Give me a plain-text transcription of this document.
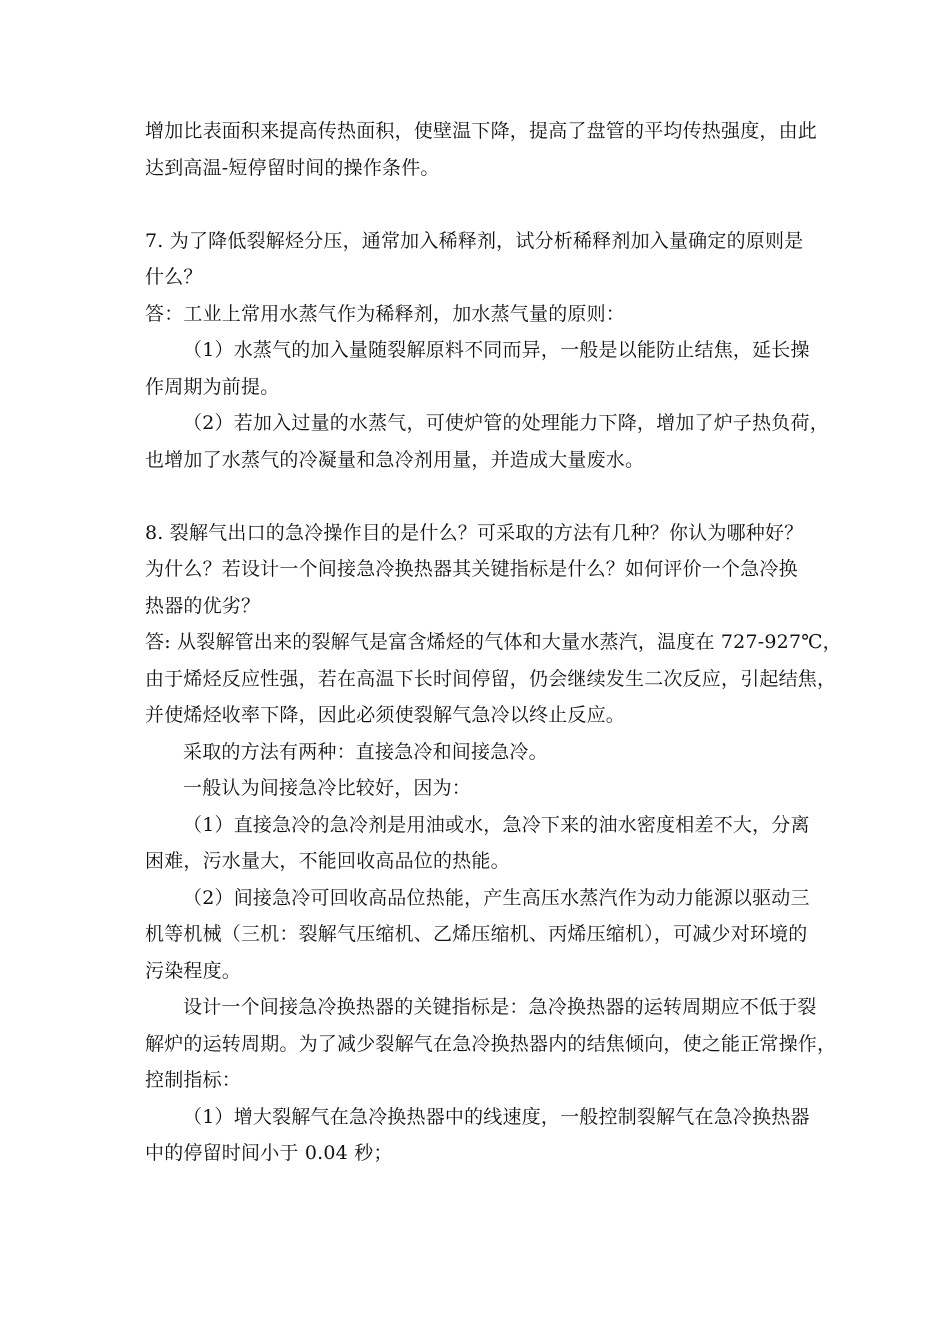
增加比表面积来提高传热面积，使壁温下降，提高了盘管的平均传热强度，由此
达到高温-短停留时间的操作条件。
7. 为了降低裂解烃分压，通常加入稀释剂，试分析稀释剂加入量确定的原则是
什么？
答：工业上常用水蒸气作为稀释剂，加水蒸气量的原则：
（1）水蒸气的加入量随裂解原料不同而异，一般是以能防止结焦，延长操
作周期为前提。
（2）若加入过量的水蒸气，可使炉管的处理能力下降，增加了炉子热负荷，
也增加了水蒸气的冷凝量和急冷剂用量，并造成大量废水。
8. 裂解气出口的急冷操作目的是什么？可采取的方法有几种？你认为哪种好？
为什么？若设计一个间接急冷换热器其关键指标是什么？如何评价一个急冷换
热器的优劣？
答: 从裂解管出来的裂解气是富含烯烃的气体和大量水蒸汽，温度在 727-927℃，
由于烯烃反应性强，若在高温下长时间停留，仍会继续发生二次反应，引起结焦，
并使烯烃收率下降，因此必须使裂解气急冷以终止反应。
采取的方法有两种：直接急冷和间接急冷。
一般认为间接急冷比较好，因为：
（1）直接急冷的急冷剂是用油或水，急冷下来的油水密度相差不大，分离
困难，污水量大，不能回收高品位的热能。
（2）间接急冷可回收高品位热能，产生高压水蒸汽作为动力能源以驱动三
机等机械（三机：裂解气压缩机、乙烯压缩机、丙烯压缩机），可减少对环境的
污染程度。
设计一个间接急冷换热器的关键指标是：急冷换热器的运转周期应不低于裂
解炉的运转周期。为了减少裂解气在急冷换热器内的结焦倾向，使之能正常操作，
控制指标：
（1）增大裂解气在急冷换热器中的线速度，一般控制裂解气在急冷换热器
中的停留时间小于 0.04 秒；
